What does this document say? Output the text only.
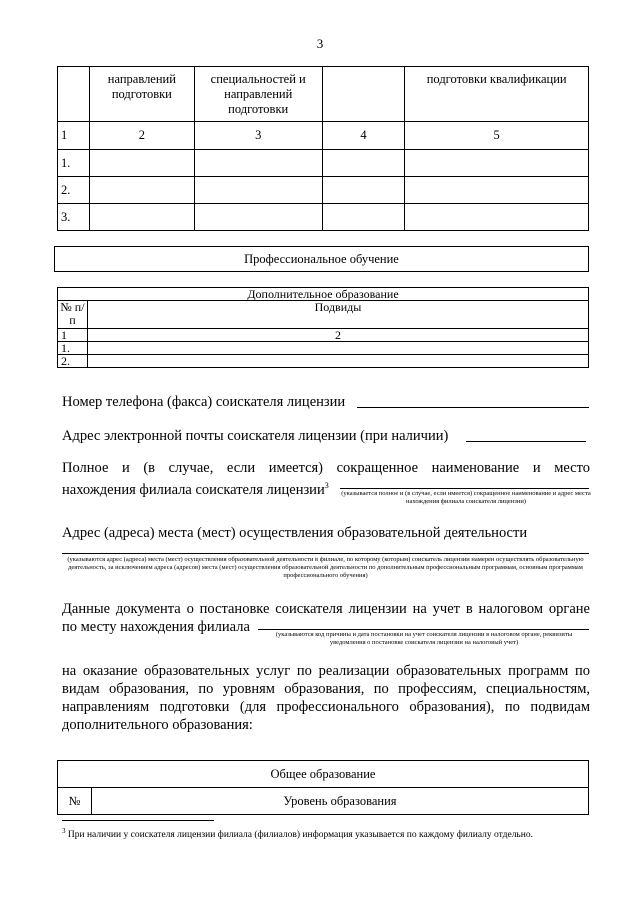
3
	направлений подготовки	специальностей и направлений подготовки		подготовки квалификации
1	2	3	4	5
1.				
2.				
3.				
Профессиональное обучение
Дополнительное образование	
№ п/п	Подвиды
1	2
1.	
2.	
Номер телефона (факса) соискателя лицензии
Адрес электронной почты соискателя лицензии (при наличии)
Полное и (в случае, если имеется) сокращенное наименование и место
нахождения филиала соискателя лицензии$^3$
(указывается полное и (в случае, если имеется) сокращенное наименование и адрес места нахождения филиала соискателя лицензии)
Адрес (адреса) места (мест) осуществления образовательной деятельности
(указываются адрес (адреса) места (мест) осуществления образовательной деятельности в филиале, по которому (которым) соискатель лицензии намерен осуществлять образовательную деятельность, за исключением адреса (адресов) места (мест) осуществления образовательной деятельности по дополнительным профессиональным программам, основным программам профессионального обучения)
Данные документа о постановке соискателя лицензии на учет в налоговом органе
по месту нахождения филиала	(указываются код причины и дата постановки на учет соискателя лицензии в налоговом органе, реквизиты уведомления о постановке соискателя лицензии на налоговый учет)
на оказание образовательных услуг по реализации образовательных программ по
видам образования, по уровням образования, по профессиям, специальностям,
направлениям подготовки (для профессионального образования), по подвидам
дополнительного образования:
Общее образование
№	Уровень образования
$^3$ При наличии у соискателя лицензии филиала (филиалов) информация указывается по каждому филиалу отдельно.
